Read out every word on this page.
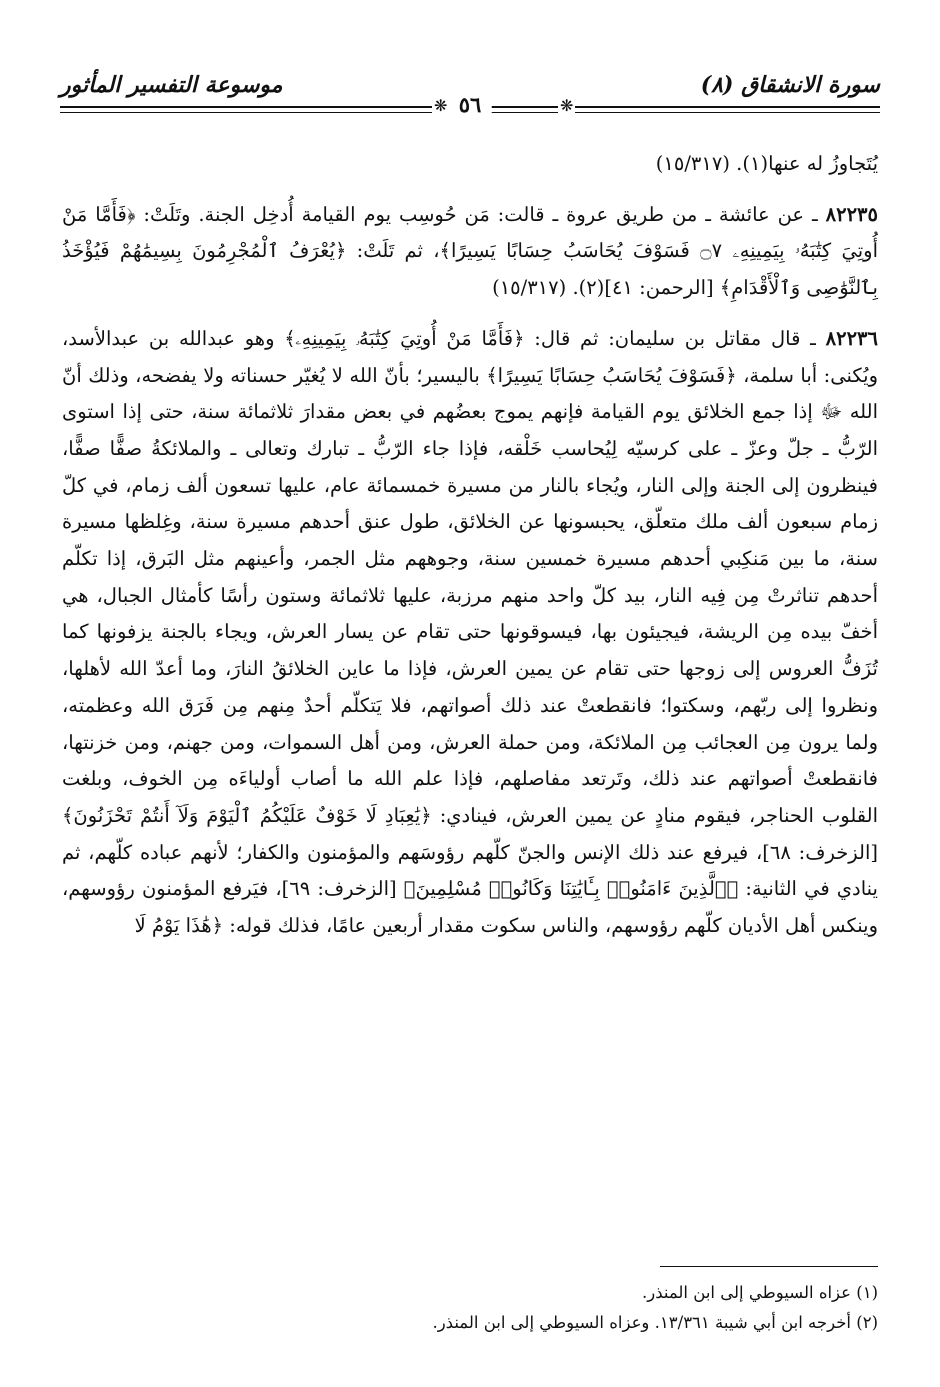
سورة الانشقاق (٨)
❋ ٥٦	❋
موسوعة التفسير المأثور

يُتَجاوزُ له عنها(١). (١٥/٣١٧)

٨٢٢٣٥ ـ عن عائشة ـ من طريق عروة ـ قالت: مَن حُوسِب يوم القيامة أُدخِل الجنة. وتَلَتْ: ﴿فَأَمَّا مَنْ أُوتِيَ كِتَٰبَهُۥ بِيَمِينِهِۦ ۝٧ فَسَوْفَ يُحَاسَبُ حِسَابًا يَسِيرًا﴾، ثم تَلَتْ: ﴿يُعْرَفُ ٱلْمُجْرِمُونَ بِسِيمَٰهُمْ فَيُؤْخَذُ بِٱلنَّوَٰصِى وَٱلْأَقْدَامِ﴾ [الرحمن: ٤١](٢). (١٥/٣١٧)

٨٢٢٣٦ ـ قال مقاتل بن سليمان: ثم قال: ﴿فَأَمَّا مَنْ أُوتِيَ كِتَٰبَهُۥ بِيَمِينِهِۦ﴾ وهو عبدالله بن عبدالأسد، ويُكنى: أبا سلمة، ﴿فَسَوْفَ يُحَاسَبُ حِسَابًا يَسِيرًا﴾ باليسير؛ بأنّ الله لا يُغيّر حسناته ولا يفضحه، وذلك أنّ الله ﷻ إذا جمع الخلائق يوم القيامة فإنهم يموج بعضُهم في بعض مقدارَ ثلاثمائة سنة، حتى إذا استوى الرّبُّ ـ جلّ وعزّ ـ على كرسيّه لِيُحاسب خَلْقه، فإذا جاء الرّبُّ ـ تبارك وتعالى ـ والملائكةُ صفًّا صفًّا، فينظرون إلى الجنة وإلى النار، ويُجاء بالنار من مسيرة خمسمائة عام، عليها تسعون ألف زمام، في كلّ زمام سبعون ألف ملك متعلّق، يحبسونها عن الخلائق، طول عنق أحدهم مسيرة سنة، وغِلظها مسيرة سنة، ما بين مَنكِبي أحدهم مسيرة خمسين سنة، وجوههم مثل الجمر، وأعينهم مثل البَرق، إذا تكلّم أحدهم تناثرتْ مِن فِيه النار، بيد كلّ واحد منهم مرزبة، عليها ثلاثمائة وستون رأسًا كأمثال الجبال، هي أخفّ بيده مِن الريشة، فيجيئون بها، فيسوقونها حتى تقام عن يسار العرش، ويجاء بالجنة يزفونها كما تُزَفُّ العروس إلى زوجها حتى تقام عن يمين العرش، فإذا ما عاين الخلائقُ النارَ، وما أعدّ الله لأهلها، ونظروا إلى ربّهم، وسكتوا؛ فانقطعتْ عند ذلك أصواتهم، فلا يَتكلّم أحدٌ مِنهم مِن فَرَق الله وعظمته، ولما يرون مِن العجائب مِن الملائكة، ومن حملة العرش، ومن أهل السموات، ومن جهنم، ومن خزنتها، فانقطعتْ أصواتهم عند ذلك، وتَرتعد مفاصلهم، فإذا علم الله ما أصاب أولياءَه مِن الخوف، وبلغت القلوب الحناجر، فيقوم منادٍ عن يمين العرش، فينادي: ﴿يَٰعِبَادِ لَا خَوْفٌ عَلَيْكُمُ ٱلْيَوْمَ وَلَآ أَنتُمْ تَحْزَنُونَ﴾ [الزخرف: ٦٨]، فيرفع عند ذلك الإنس والجنّ كلّهم رؤوسَهم والمؤمنون والكفار؛ لأنهم عباده كلّهم، ثم ينادي في الثانية: ﴿ٱلَّذِينَ ءَامَنُوا۟ بِـَٔايَٰتِنَا وَكَانُوا۟ مُسْلِمِينَ﴾ [الزخرف: ٦٩]، فيَرفع المؤمنون رؤوسهم، وينكس أهل الأديان كلّهم رؤوسهم، والناس سكوت مقدار أربعين عامًا، فذلك قوله: ﴿هَٰذَا يَوْمُ لَا

(١) عزاه السيوطي إلى ابن المنذر.
(٢) أخرجه ابن أبي شيبة ١٣/٣٦١. وعزاه السيوطي إلى ابن المنذر.
